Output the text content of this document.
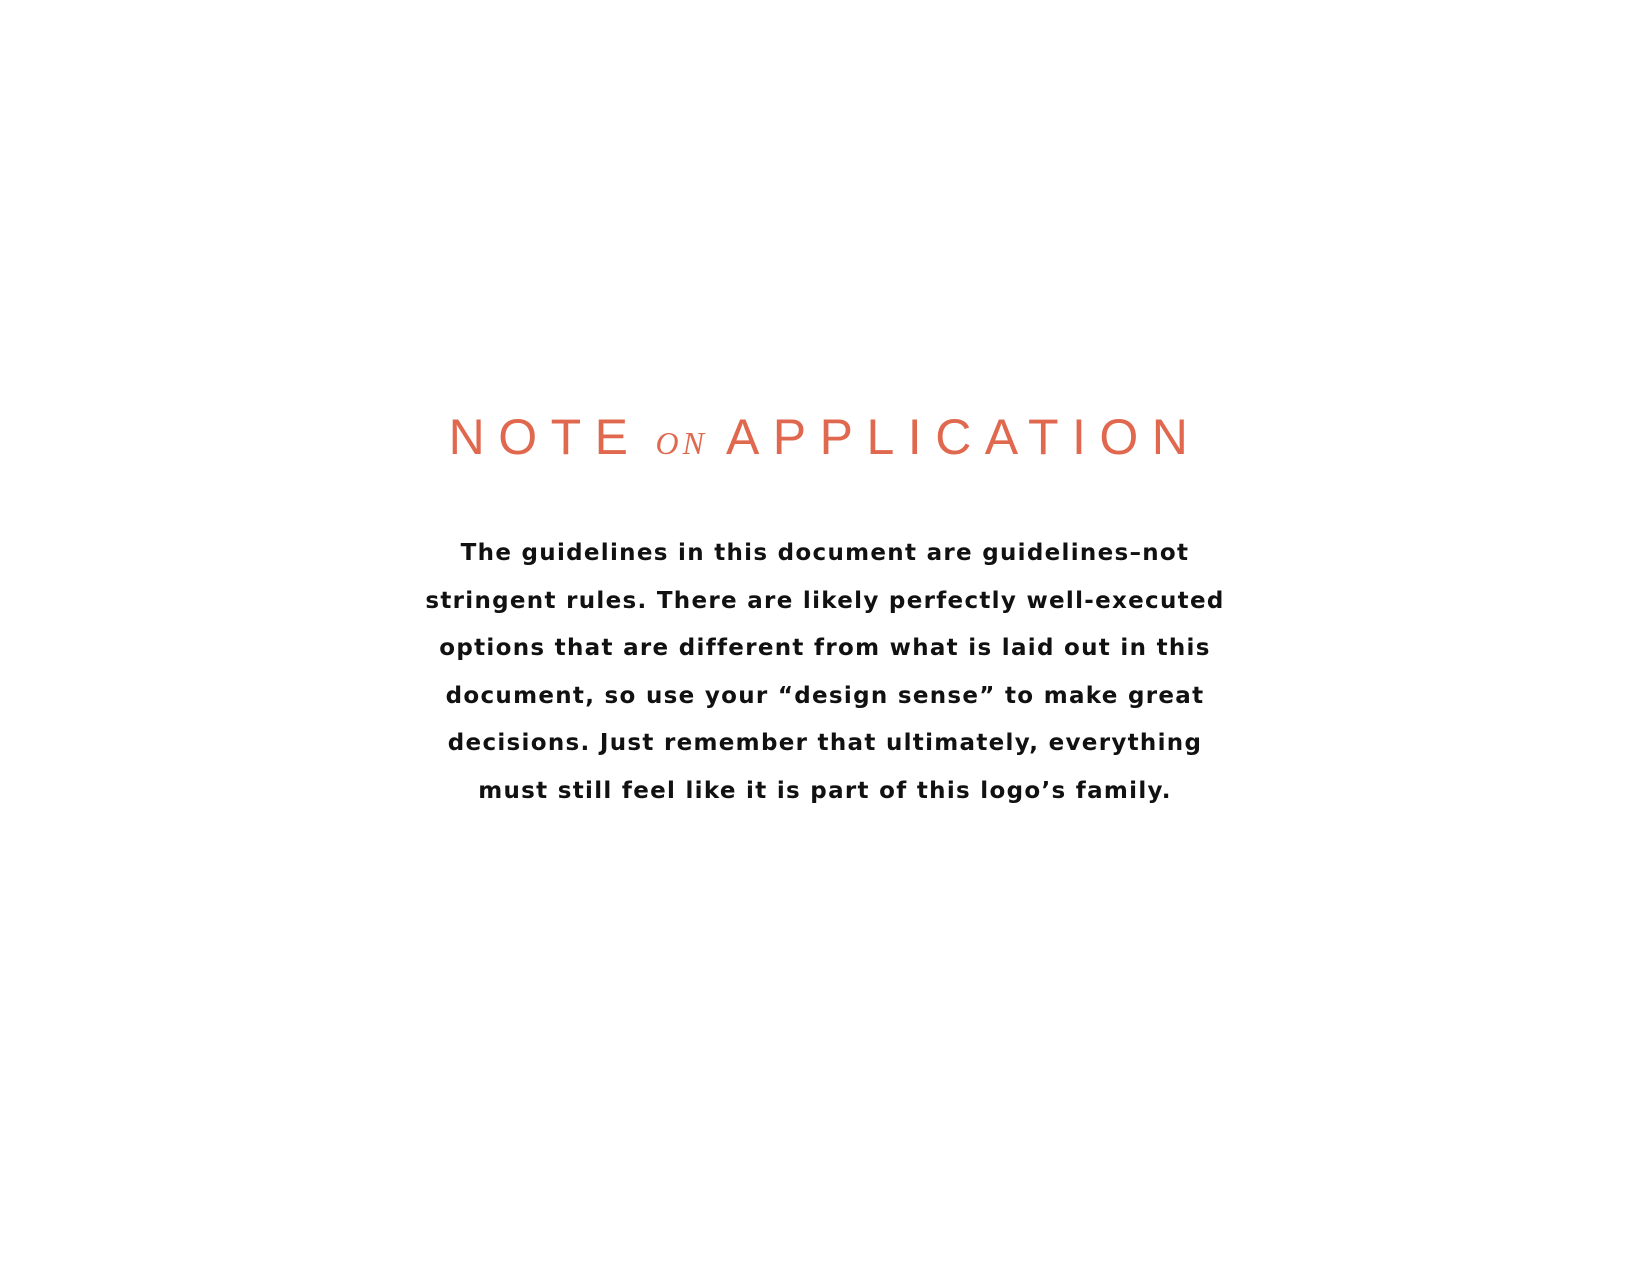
NOTE ON APPLICATION
The guidelines in this document are guidelines–not
stringent rules. There are likely perfectly well-executed
options that are different from what is laid out in this
document, so use your “design sense” to make great
decisions. Just remember that ultimately, everything
must still feel like it is part of this logo’s family.
